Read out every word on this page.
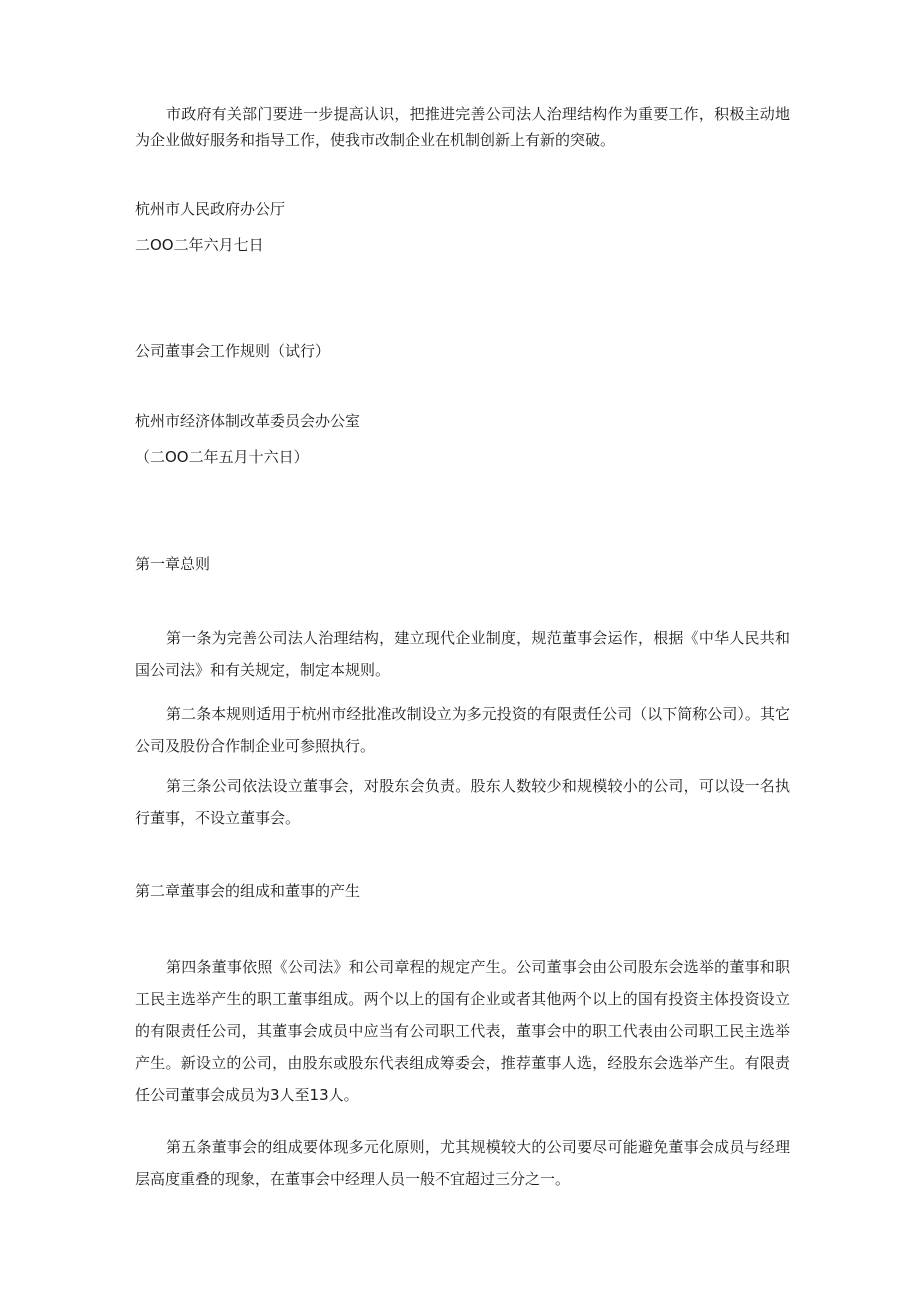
市政府有关部门要进一步提高认识，把推进完善公司法人治理结构作为重要工作，积极主动地为企业做好服务和指导工作，使我市改制企业在机制创新上有新的突破。

杭州市人民政府办公厅

二OO二年六月七日

公司董事会工作规则（试行）

杭州市经济体制改革委员会办公室

（二OO二年五月十六日）

第一章总则

第一条为完善公司法人治理结构，建立现代企业制度，规范董事会运作，根据《中华人民共和国公司法》和有关规定，制定本规则。

第二条本规则适用于杭州市经批准改制设立为多元投资的有限责任公司（以下简称公司）。其它公司及股份合作制企业可参照执行。

第三条公司依法设立董事会，对股东会负责。股东人数较少和规模较小的公司，可以设一名执行董事，不设立董事会。

第二章董事会的组成和董事的产生

第四条董事依照《公司法》和公司章程的规定产生。公司董事会由公司股东会选举的董事和职工民主选举产生的职工董事组成。两个以上的国有企业或者其他两个以上的国有投资主体投资设立的有限责任公司，其董事会成员中应当有公司职工代表，董事会中的职工代表由公司职工民主选举产生。新设立的公司，由股东或股东代表组成筹委会，推荐董事人选，经股东会选举产生。有限责任公司董事会成员为3人至13人。

第五条董事会的组成要体现多元化原则，尤其规模较大的公司要尽可能避免董事会成员与经理层高度重叠的现象，在董事会中经理人员一般不宜超过三分之一。
